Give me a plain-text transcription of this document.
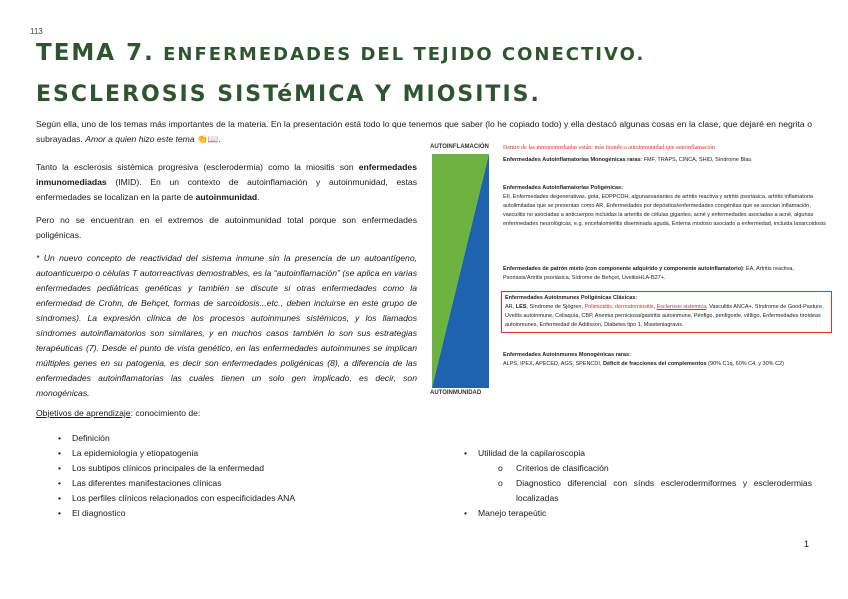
113
TEMA 7. ENFERMEDADES DEL TEJIDO CONECTIVO.
ESCLEROSIS SISTéMICA Y MIOSITIS.
Según ella, uno de los temas más importantes de la materia. En la presentación está todo lo que tenemos que saber (lo he copiado todo) y ella destacó algunas cosas en la clase, que dejaré en negrita o subrayadas. Amor a quien hizo este tema 👏📖.
Tanto la esclerosis sistémica progresiva (esclerodermia) como la miositis son enfermedades inmunomediadas (IMID). En un contexto de autoinflamación y autoinmunidad, estas enfermedades se localizan en la parte de autoinmunidad.
Pero no se encuentran en el extremos de autoinmunidad total porque son enfermedades poligénicas.
* Un nuevo concepto de reactividad del sistema inmune sin la presencia de un autoantígeno, autoanticuerpo o células T autorreactivas demostrables, es la “autoinflamación” (se aplica en varias enfermedades pediátricas genéticas y también se discute si otras enfermedades como la enfermedad de Crohn, de Behçet, formas de sarcoidosis...etc., deben incluirse en este grupo de síndromes). La expresión clínica de los procesos autoinmunes sistémicos, y los llamados síndromes autoinflamatorios son similares, y en muchos casos también lo son sus estrategias terapéuticas (7). Desde el punto de vista genético, en las enfermedades autoinmunes se implican múltiples genes en su patogenia, es decir son enfermedades poligénicas (8), a diferencia de las enfermedades autoinflamatorias las cuales tienen un solo gen implicado, es decir, son monogénicas.
AUTOINFLAMACIÓN
AUTOINMUNIDAD
Dentro de las inmunomediadas están: más tirando a autoinmunidad que autoinflamación
Enfermedades Autoinflamatorias Monogénicas raras: FMF, TRAPS, CINCA, SHID, Síndrome Blau
Enfermedades Autoinflamatorias Poligénicas:
EII, Enfermedades degenerativas, gota, EDPPCDH, algunasvariantes de artritis reactiva y artritis psoriásica, artritis inflamatoria autolimitadas que se presentan como AR, Enfermedades por depósitos/enfermedades congénitas que se asocian inflamación, vasculitis no asociadas a anticuerpos incluidas la arteritis de células gigantes, acné y enfermedades asociadas a acné, algunas enfermedades neurológicas, e.g. encefalomielitis diseminada aguda, Eritema modoso asociado a enfermedad, incluida lasarcoidosis
Enfermedades de patrón mixto (con componente adquirido y componente autoinflamatorio): EA, Artritis reactiva, Psoriasis/Artritis psoriásica, Sídrome de Behçet, UveitisHLA-B27+.
Enfermedades Autoinmunes Poligénicas Clásicas:
AR, LES, Síndrome de Sjögren, Polimiositis, dermatomiositis, Esclerosis sistemica, Vasculitis ANCA+, Síndrome de Good-Pasture, Uveítis autoinmune, Celiaquía, CBP, Anemia perniciosa/gastritis autoinmune, Pénfigo, penfigoide, vitíligo, Enfermedades tiroideas autoinmunes, Enfermedad de Addisson, Diabetes tipo 1, Miasteniagravis.
Enfermedades Autoinmunes Monogénicas raras:
ALPS, IPEX, APECED, AGS, SPENCDI, Déficit de fracciones del complementos (90% C1q, 60% C4, y 30% C2)
Objetivos de aprendizaje: conocimiento de:
• Definición
• La epidemiología y etiopatogenia
• Los subtipos clínicos principales de la enfermedad
• Las diferentes manifestaciones clínicas
• Los perfiles clínicos relacionados con especificidades ANA
• El diagnostico
• Utilidad de la capilaroscopia
o Criterios de clasificación
o Diagnostico diferencial con sínds esclerodermiformes y esclerodermias localizadas
• Manejo terapeútic
1
